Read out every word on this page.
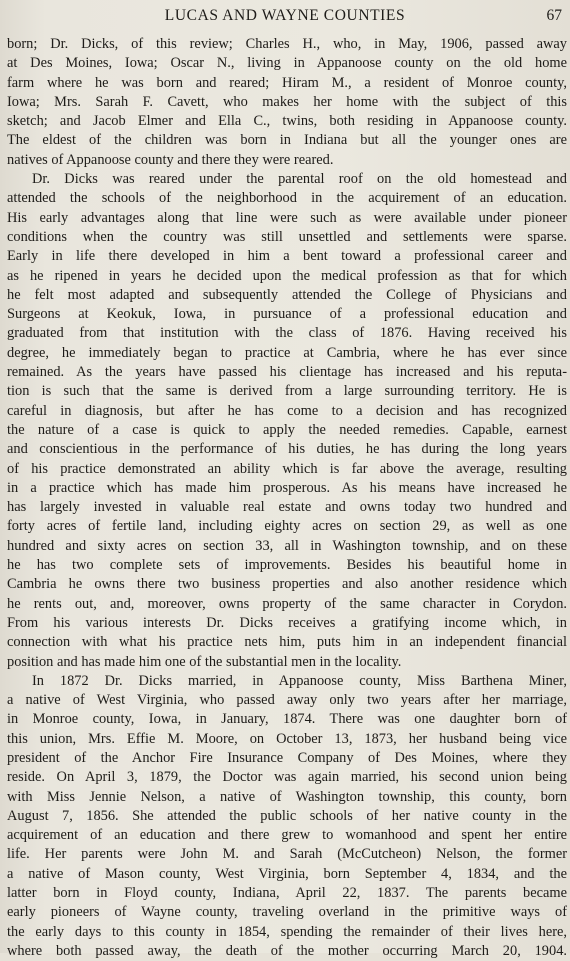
LUCAS AND WAYNE COUNTIES	67
born; Dr. Dicks, of this review; Charles H., who, in May, 1906, passed away
at Des Moines, Iowa; Oscar N., living in Appanoose county on the old home
farm where he was born and reared; Hiram M., a resident of Monroe county,
Iowa; Mrs. Sarah F. Cavett, who makes her home with the subject of this
sketch; and Jacob Elmer and Ella C., twins, both residing in Appanoose county.
The eldest of the children was born in Indiana but all the younger ones are
natives of Appanoose county and there they were reared.
Dr. Dicks was reared under the parental roof on the old homestead and
attended the schools of the neighborhood in the acquirement of an education.
His early advantages along that line were such as were available under pioneer
conditions when the country was still unsettled and settlements were sparse.
Early in life there developed in him a bent toward a professional career and
as he ripened in years he decided upon the medical profession as that for which
he felt most adapted and subsequently attended the College of Physicians and
Surgeons at Keokuk, Iowa, in pursuance of a professional education and
graduated from that institution with the class of 1876. Having received his
degree, he immediately began to practice at Cambria, where he has ever since
remained. As the years have passed his clientage has increased and his reputa-
tion is such that the same is derived from a large surrounding territory. He is
careful in diagnosis, but after he has come to a decision and has recognized
the nature of a case is quick to apply the needed remedies. Capable, earnest
and conscientious in the performance of his duties, he has during the long years
of his practice demonstrated an ability which is far above the average, resulting
in a practice which has made him prosperous. As his means have increased he
has largely invested in valuable real estate and owns today two hundred and
forty acres of fertile land, including eighty acres on section 29, as well as one
hundred and sixty acres on section 33, all in Washington township, and on these
he has two complete sets of improvements. Besides his beautiful home in
Cambria he owns there two business properties and also another residence which
he rents out, and, moreover, owns property of the same character in Corydon.
From his various interests Dr. Dicks receives a gratifying income which, in
connection with what his practice nets him, puts him in an independent financial
position and has made him one of the substantial men in the locality.
In 1872 Dr. Dicks married, in Appanoose county, Miss Barthena Miner,
a native of West Virginia, who passed away only two years after her marriage,
in Monroe county, Iowa, in January, 1874. There was one daughter born of
this union, Mrs. Effie M. Moore, on October 13, 1873, her husband being vice
president of the Anchor Fire Insurance Company of Des Moines, where they
reside. On April 3, 1879, the Doctor was again married, his second union being
with Miss Jennie Nelson, a native of Washington township, this county, born
August 7, 1856. She attended the public schools of her native county in the
acquirement of an education and there grew to womanhood and spent her entire
life. Her parents were John M. and Sarah (McCutcheon) Nelson, the former
a native of Mason county, West Virginia, born September 4, 1834, and the
latter born in Floyd county, Indiana, April 22, 1837. The parents became
early pioneers of Wayne county, traveling overland in the primitive ways of
the early days to this county in 1854, spending the remainder of their lives here,
where both passed away, the death of the mother occurring March 20, 1904.
